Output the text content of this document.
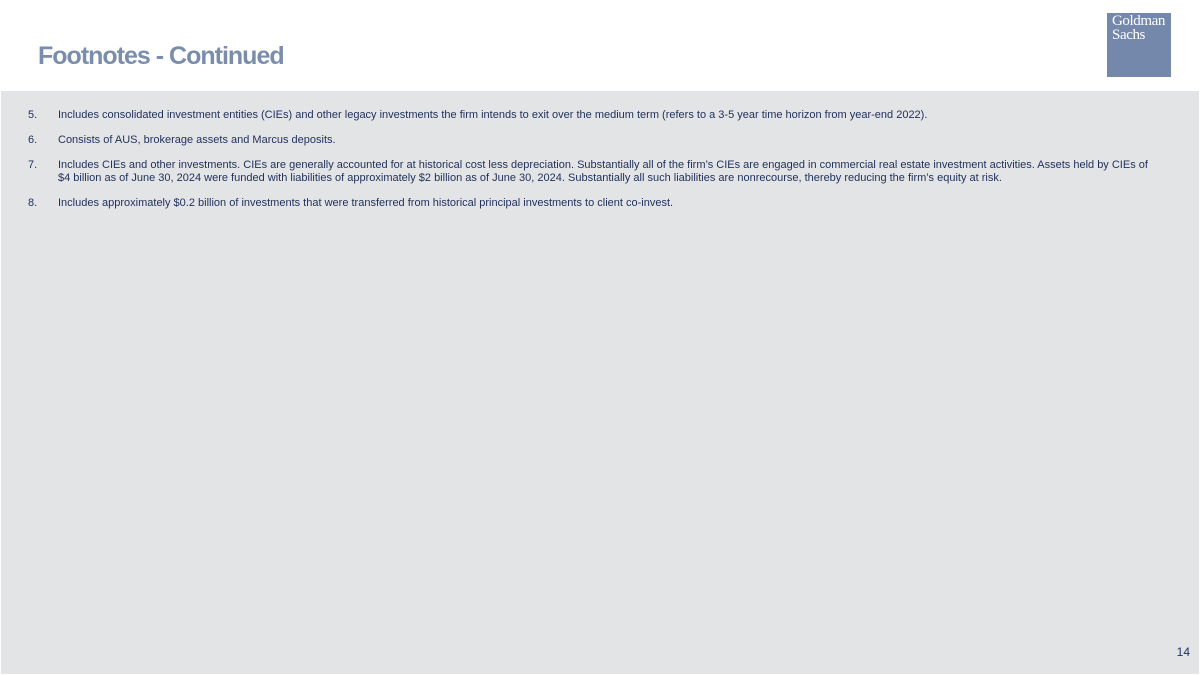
Footnotes - Continued
Goldman
Sachs
5. Includes consolidated investment entities (CIEs) and other legacy investments the firm intends to exit over the medium term (refers to a 3-5 year time horizon from year-end 2022).
6. Consists of AUS, brokerage assets and Marcus deposits.
7. Includes CIEs and other investments. CIEs are generally accounted for at historical cost less depreciation. Substantially all of the firm’s CIEs are engaged in commercial real estate investment activities. Assets held by CIEs of $4 billion as of June 30, 2024 were funded with liabilities of approximately $2 billion as of June 30, 2024. Substantially all such liabilities are nonrecourse, thereby reducing the firm’s equity at risk.
8. Includes approximately $0.2 billion of investments that were transferred from historical principal investments to client co-invest.
14
